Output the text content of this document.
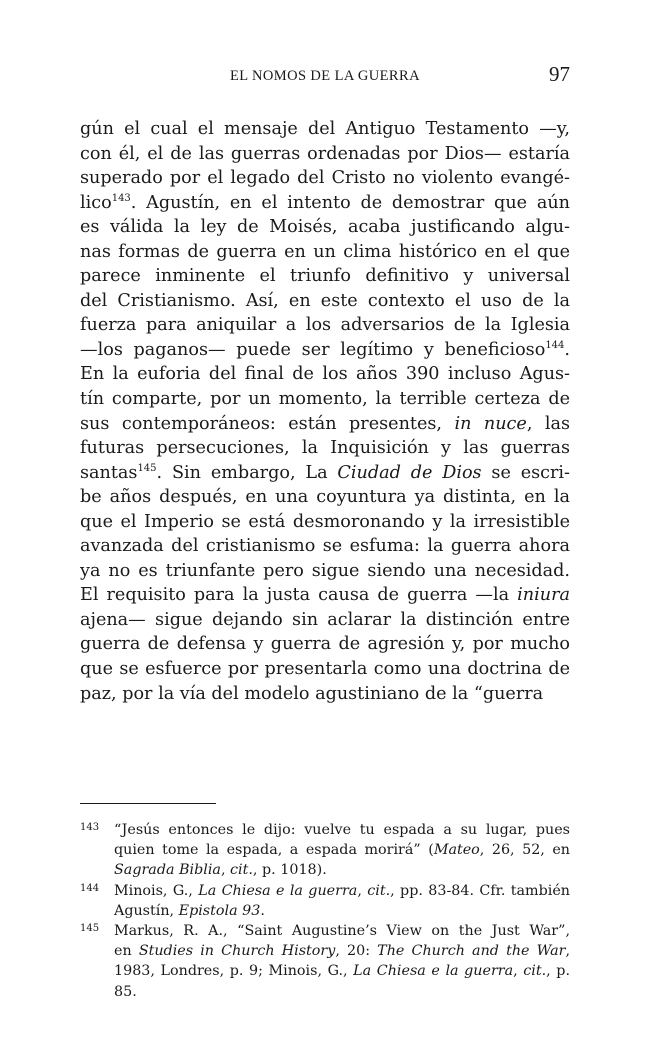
EL NOMOS DE LA GUERRA	97
gún el cual el mensaje del Antiguo Testamento —y,
con él, el de las guerras ordenadas por Dios— estaría
superado por el legado del Cristo no violento evangé-
lico$^{143}$. Agustín, en el intento de demostrar que aún
es válida la ley de Moisés, acaba justificando algu-
nas formas de guerra en un clima histórico en el que
parece inminente el triunfo definitivo y universal
del Cristianismo. Así, en este contexto el uso de la
fuerza para aniquilar a los adversarios de la Iglesia
—los paganos— puede ser legítimo y beneficioso$^{144}$.
En la euforia del final de los años 390 incluso Agus-
tín comparte, por un momento, la terrible certeza de
sus contemporáneos: están presentes, in nuce, las
futuras persecuciones, la Inquisición y las guerras
santas$^{145}$. Sin embargo, La Ciudad de Dios se escri-
be años después, en una coyuntura ya distinta, en la
que el Imperio se está desmoronando y la irresistible
avanzada del cristianismo se esfuma: la guerra ahora
ya no es triunfante pero sigue siendo una necesidad.
El requisito para la justa causa de guerra —la iniura
ajena— sigue dejando sin aclarar la distinción entre
guerra de defensa y guerra de agresión y, por mucho
que se esfuerce por presentarla como una doctrina de
paz, por la vía del modelo agustiniano de la “guerra
143 “Jesús entonces le dijo: vuelve tu espada a su lugar, pues
quien tome la espada, a espada morirá” (Mateo, 26, 52, en
Sagrada Biblia, cit., p. 1018).
144 Minois, G., La Chiesa e la guerra, cit., pp. 83-84. Cfr. también
Agustín, Epistola 93.
145 Markus, R. A., “Saint Augustine’s View on the Just War”,
en Studies in Church History, 20: The Church and the War,
1983, Londres, p. 9; Minois, G., La Chiesa e la guerra, cit., p.
85.
